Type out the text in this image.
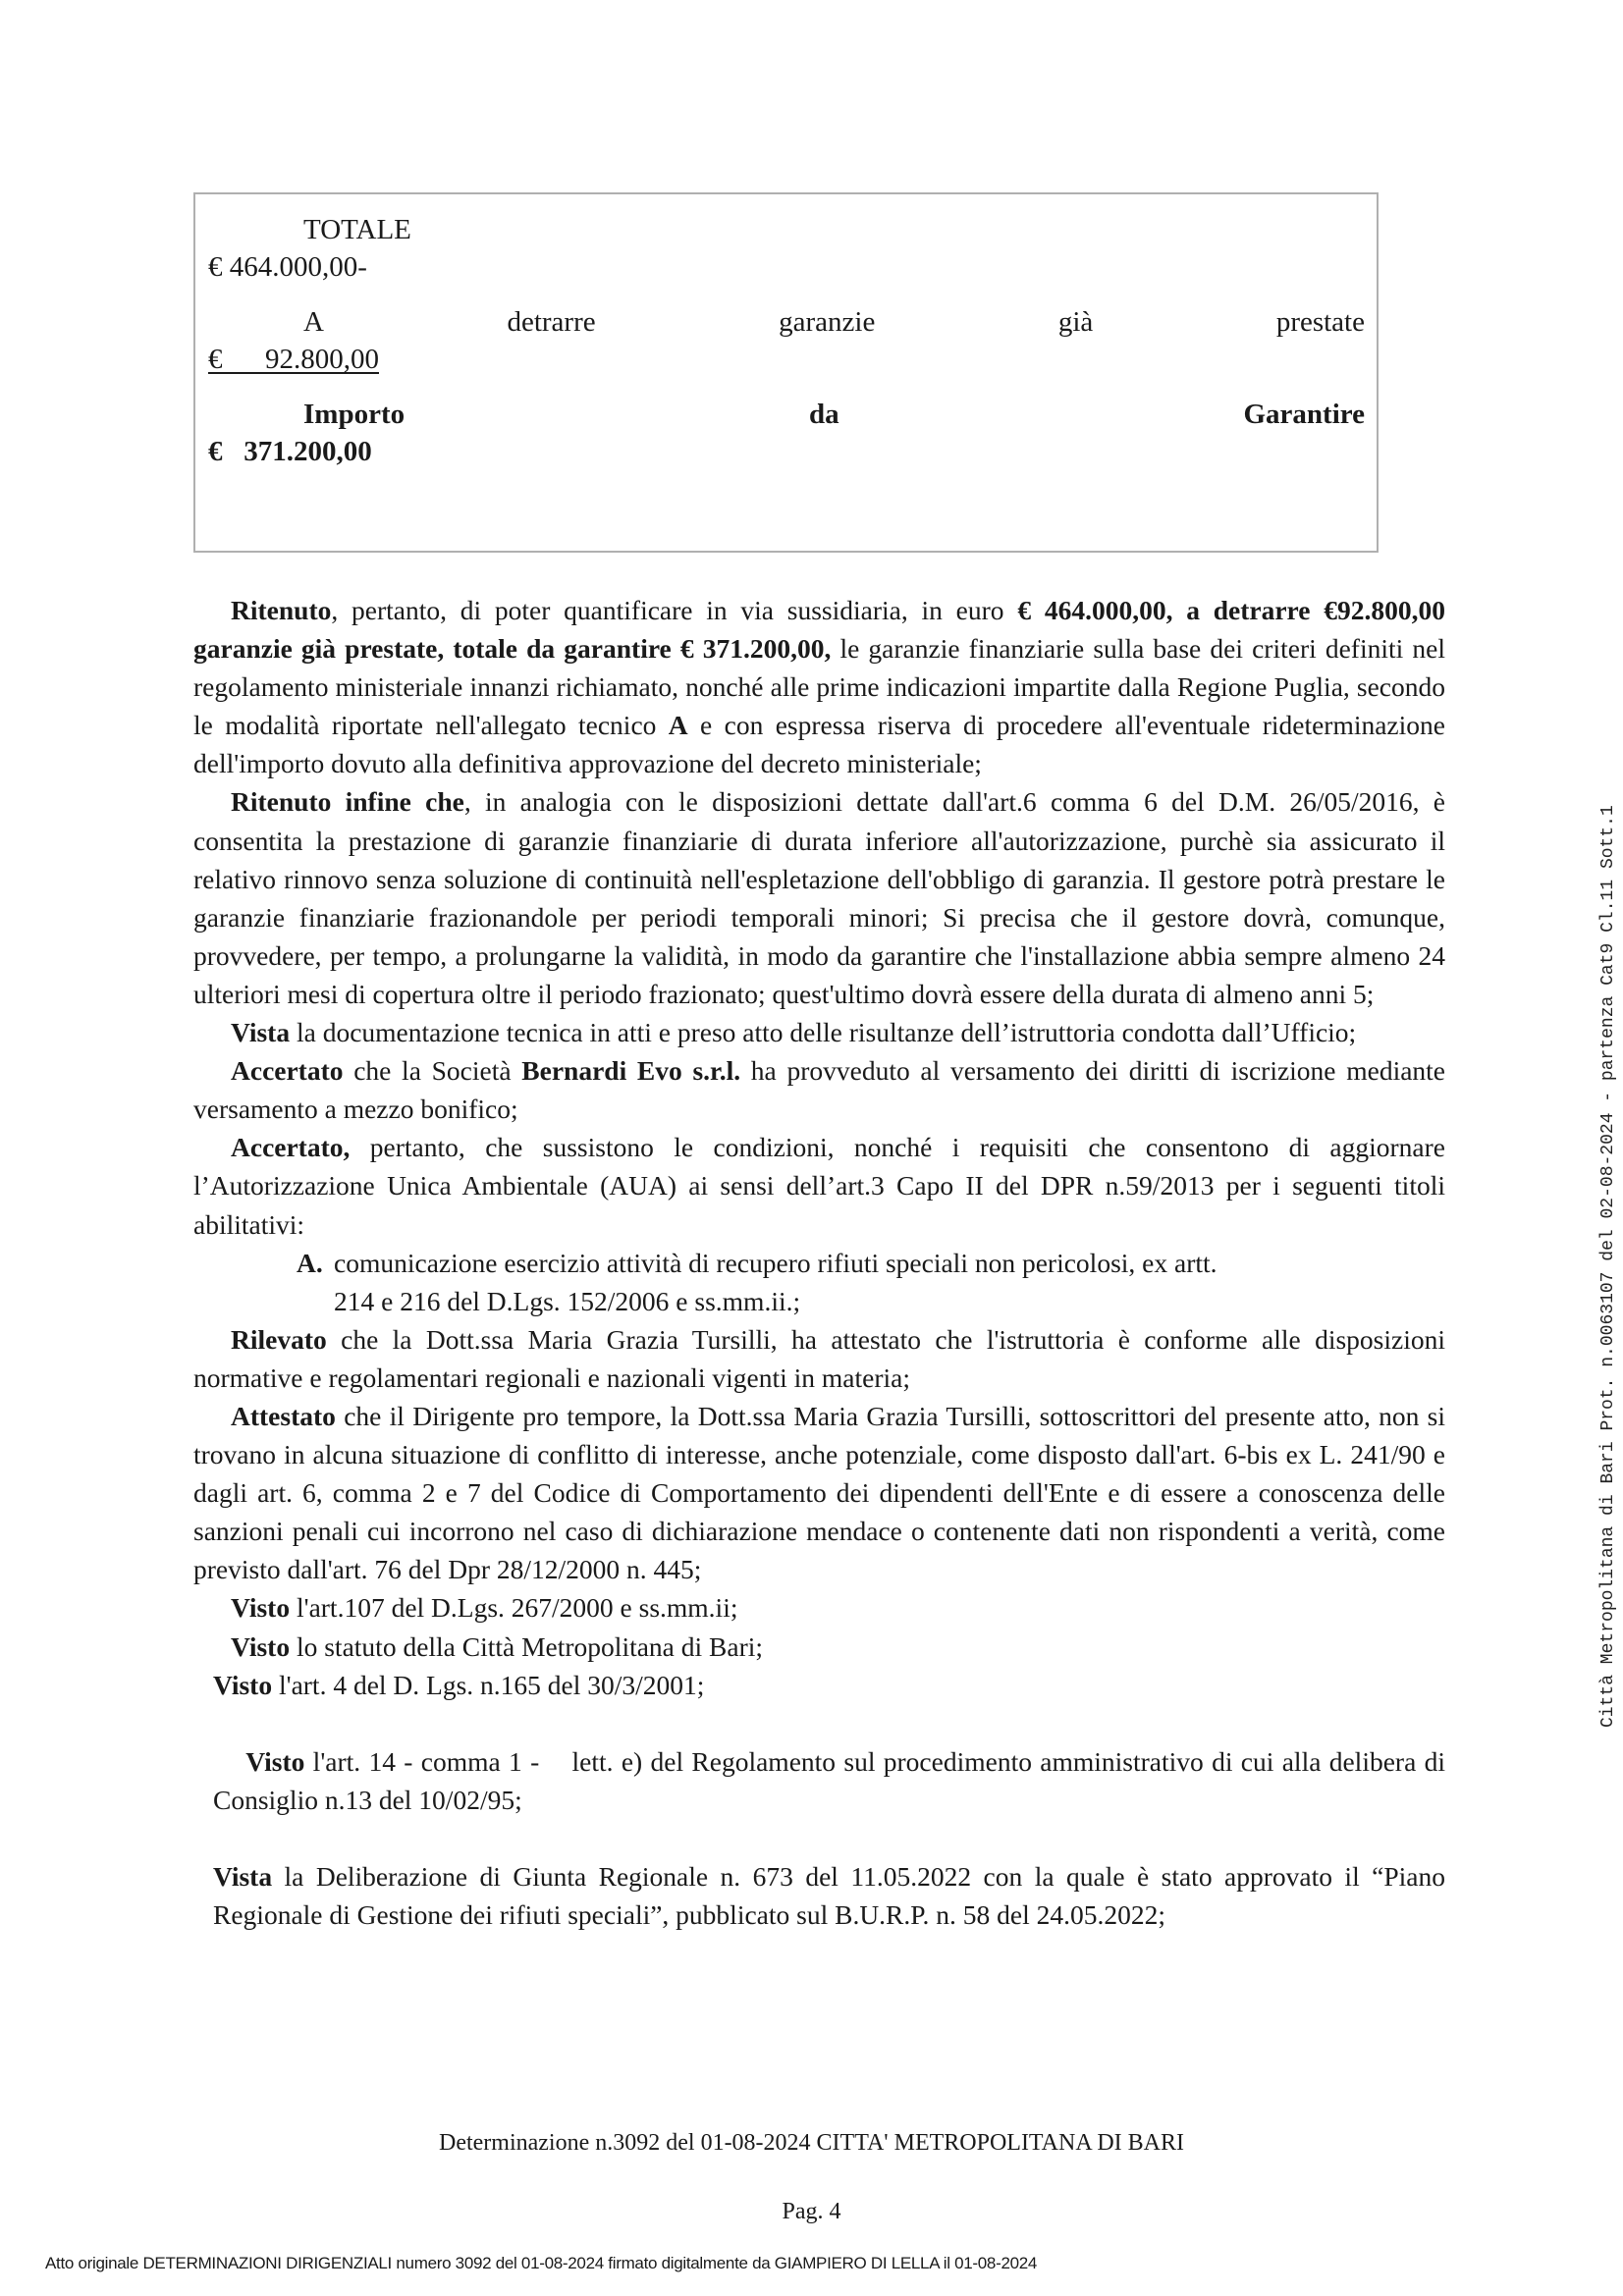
TOTALE
€ 464.000,00-
A	detrarre	garanzie	già	prestate
€      92.800,00
Importo	da	Garantire
€   371.200,00

Ritenuto, pertanto, di poter quantificare in via sussidiaria, in euro € 464.000,00, a detrarre €92.800,00 garanzie già prestate, totale da garantire € 371.200,00, le garanzie finanziarie sulla base dei criteri definiti nel regolamento ministeriale innanzi richiamato, nonché alle prime indicazioni impartite dalla Regione Puglia, secondo le modalità riportate nell'allegato tecnico A e con espressa riserva di procedere all'eventuale rideterminazione dell'importo dovuto alla definitiva approvazione del decreto ministeriale;

Ritenuto infine che, in analogia con le disposizioni dettate dall'art.6 comma 6 del D.M. 26/05/2016, è consentita la prestazione di garanzie finanziarie di durata inferiore all'autorizzazione, purchè sia assicurato il relativo rinnovo senza soluzione di continuità nell'espletazione dell'obbligo di garanzia. Il gestore potrà prestare le garanzie finanziarie frazionandole per periodi temporali minori; Si precisa che il gestore dovrà, comunque, provvedere, per tempo, a prolungarne la validità, in modo da garantire che l'installazione abbia sempre almeno 24 ulteriori mesi di copertura oltre il periodo frazionato; quest'ultimo dovrà essere della durata di almeno anni 5;

Vista la documentazione tecnica in atti e preso atto delle risultanze dell’istruttoria condotta dall’Ufficio;

Accertato che la Società Bernardi Evo s.r.l. ha provveduto al versamento dei diritti di iscrizione mediante versamento a mezzo bonifico;

Accertato, pertanto, che sussistono le condizioni, nonché i requisiti che consentono di aggiornare l’Autorizzazione Unica Ambientale (AUA) ai sensi dell’art.3 Capo II del DPR n.59/2013 per i seguenti titoli abilitativi:

A. comunicazione esercizio attività di recupero rifiuti speciali non pericolosi, ex artt.

214 e 216 del D.Lgs. 152/2006 e ss.mm.ii.;

Rilevato che la Dott.ssa Maria Grazia Tursilli, ha attestato che l'istruttoria è conforme alle disposizioni normative e regolamentari regionali e nazionali vigenti in materia;

Attestato che il Dirigente pro tempore, la Dott.ssa Maria Grazia Tursilli, sottoscrittori del presente atto, non si trovano in alcuna situazione di conflitto di interesse, anche potenziale, come disposto dall'art. 6-bis ex L. 241/90 e dagli art. 6, comma 2 e 7 del Codice di Comportamento dei dipendenti dell'Ente e di essere a conoscenza delle sanzioni penali cui incorrono nel caso di dichiarazione mendace o contenente dati non rispondenti a verità, come previsto dall'art. 76 del Dpr 28/12/2000 n. 445;

Visto l'art.107 del D.Lgs. 267/2000 e ss.mm.ii;

Visto lo statuto della Città Metropolitana di Bari;

Visto l'art. 4 del D. Lgs. n.165 del 30/3/2001;

Visto l'art. 14 - comma 1 -    lett. e) del Regolamento sul procedimento amministrativo di cui alla delibera di    Consiglio n.13 del 10/02/95;

Vista la Deliberazione di Giunta Regionale n. 673 del 11.05.2022 con la quale è stato approvato il “Piano Regionale di Gestione dei rifiuti speciali”, pubblicato sul B.U.R.P. n. 58 del 24.05.2022;

Città Metropolitana di Bari Prot. n.0063107 del 02-08-2024 - partenza Cat9 Cl.11 Sott.1
Determinazione n.3092 del 01-08-2024 CITTA' METROPOLITANA DI BARI
Pag. 4
Atto originale DETERMINAZIONI DIRIGENZIALI numero 3092 del 01-08-2024 firmato digitalmente da GIAMPIERO DI LELLA il 01-08-2024
